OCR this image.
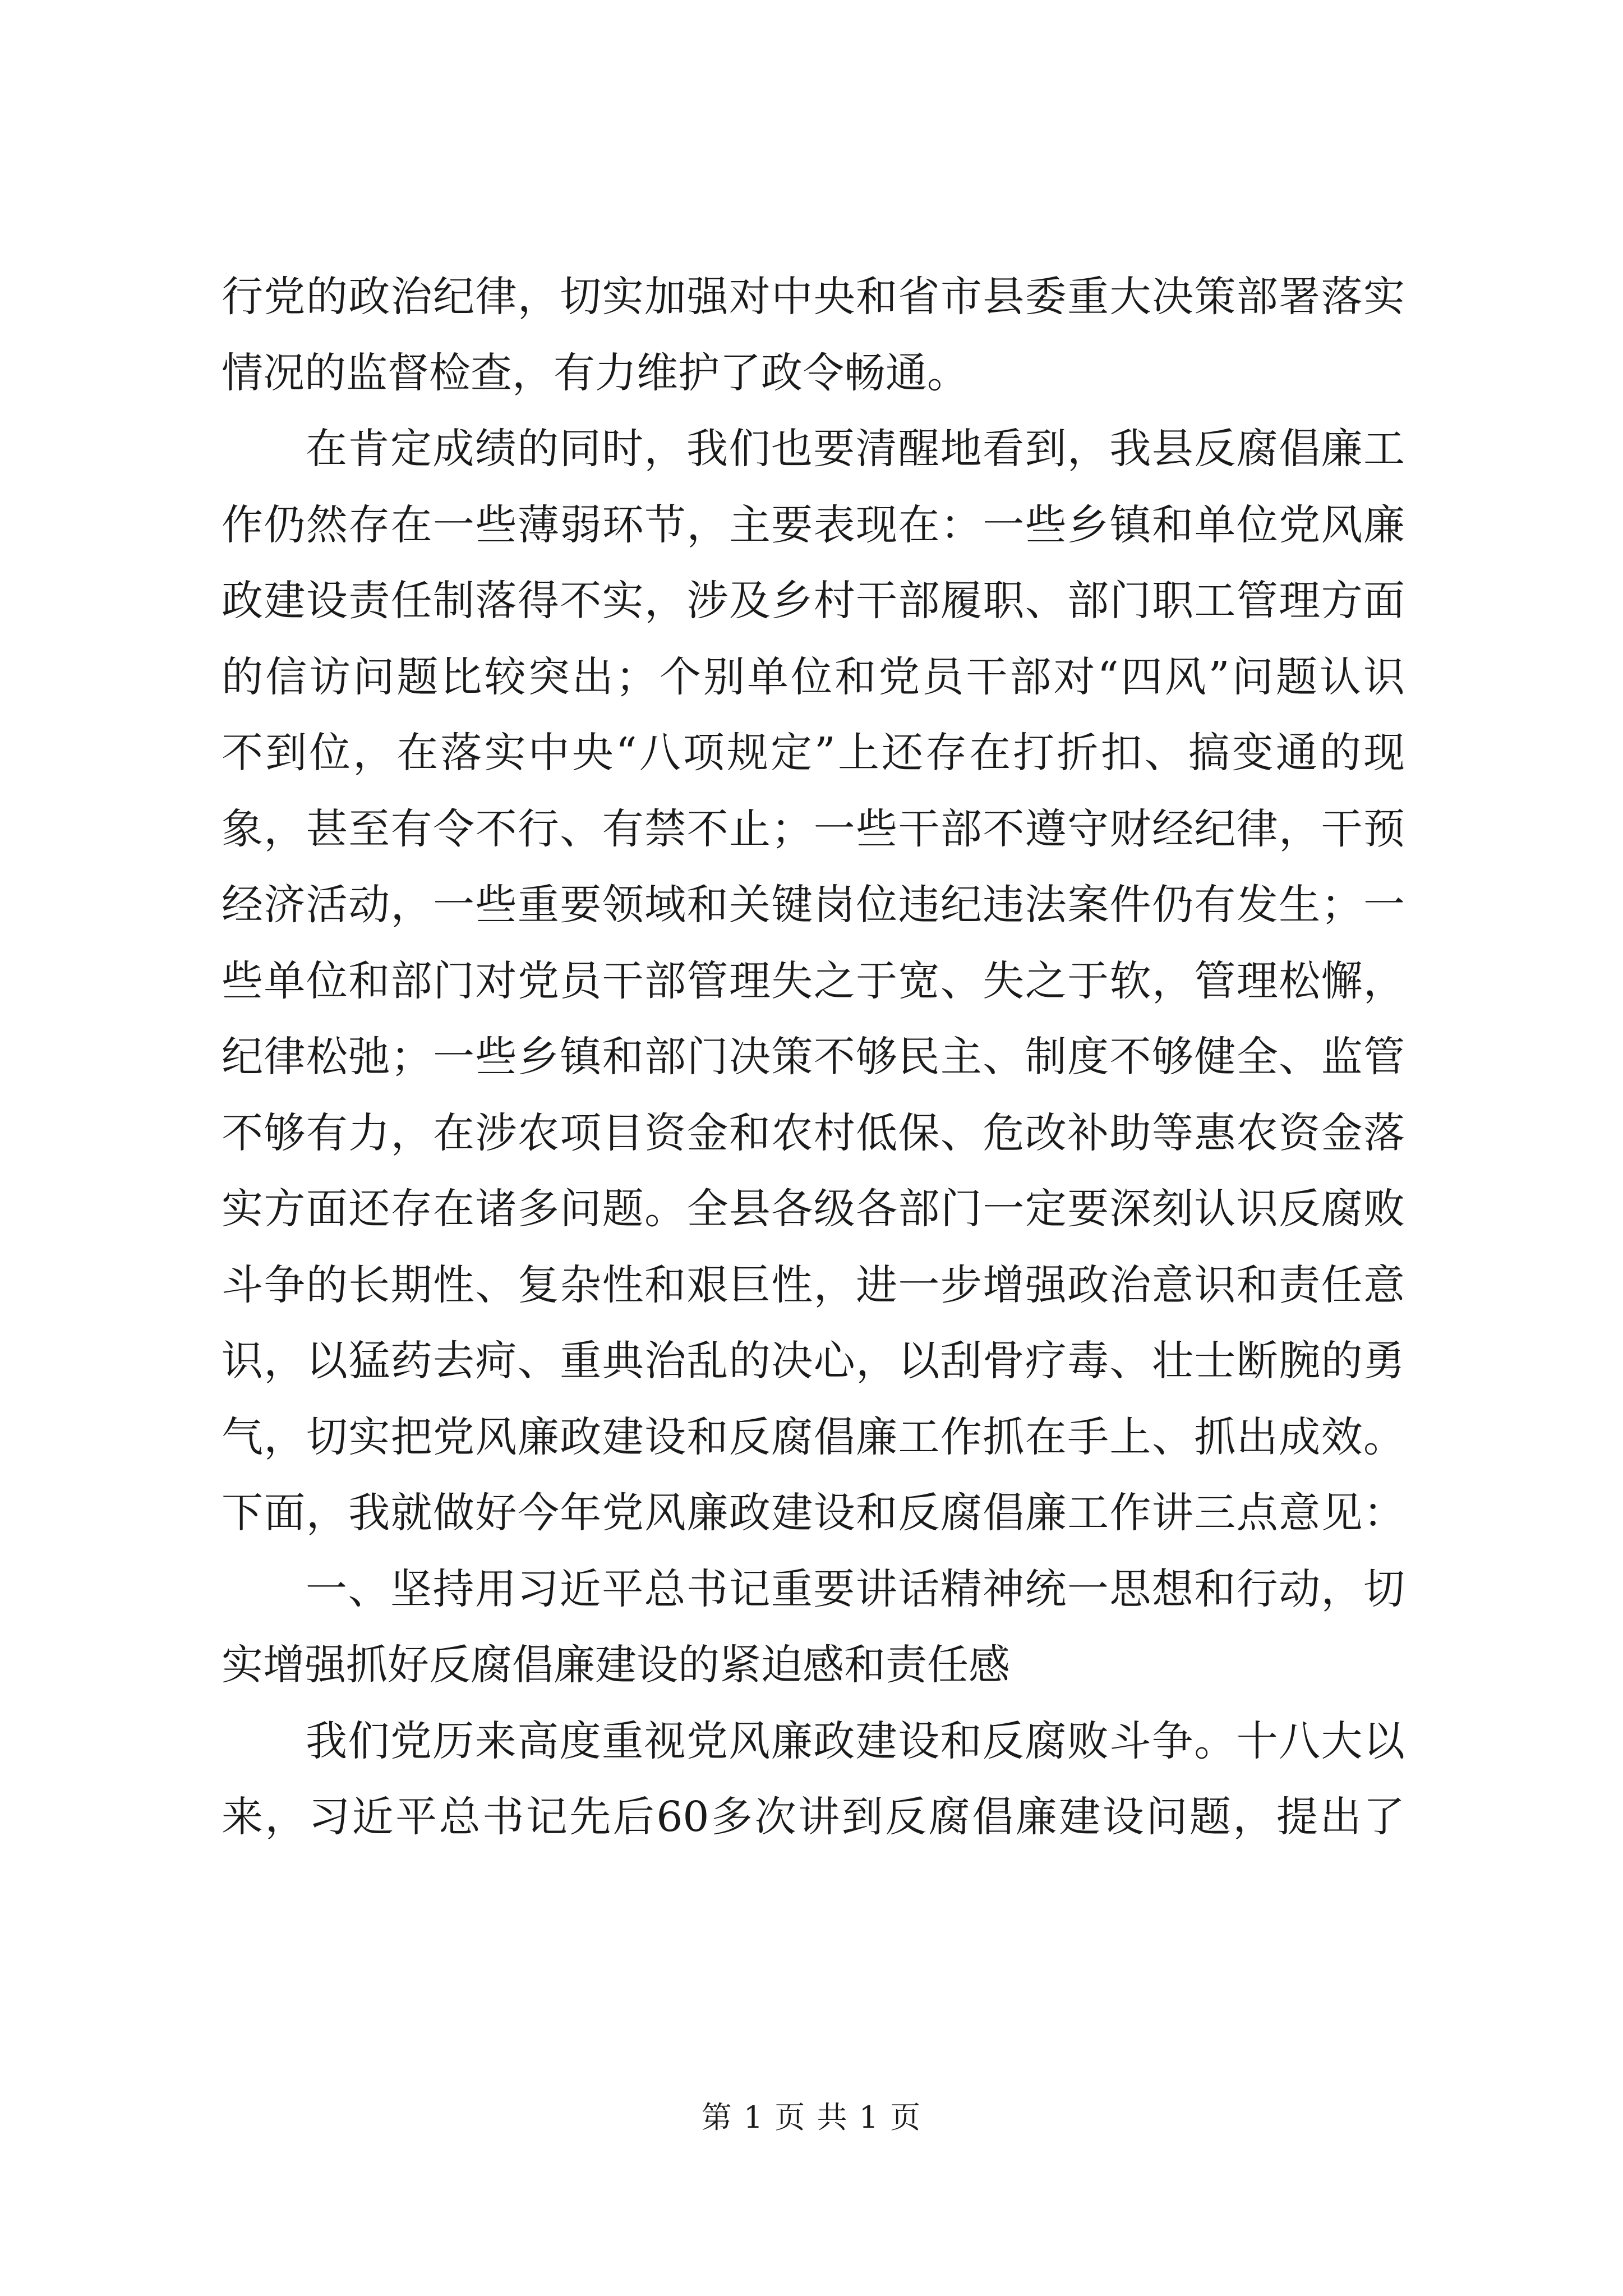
行党的政治纪律，切实加强对中央和省市县委重大决策部署落实
情况的监督检查，有力维护了政令畅通。
在肯定成绩的同时，我们也要清醒地看到，我县反腐倡廉工
作仍然存在一些薄弱环节，主要表现在：一些乡镇和单位党风廉
政建设责任制落得不实，涉及乡村干部履职、部门职工管理方面
的信访问题比较突出；个别单位和党员干部对“四风”问题认识
不到位，在落实中央“八项规定”上还存在打折扣、搞变通的现
象，甚至有令不行、有禁不止；一些干部不遵守财经纪律，干预
经济活动，一些重要领域和关键岗位违纪违法案件仍有发生；一
些单位和部门对党员干部管理失之于宽、失之于软，管理松懈，
纪律松弛；一些乡镇和部门决策不够民主、制度不够健全、监管
不够有力，在涉农项目资金和农村低保、危改补助等惠农资金落
实方面还存在诸多问题。全县各级各部门一定要深刻认识反腐败
斗争的长期性、复杂性和艰巨性，进一步增强政治意识和责任意
识，以猛药去疴、重典治乱的决心，以刮骨疗毒、壮士断腕的勇
气，切实把党风廉政建设和反腐倡廉工作抓在手上、抓出成效。
下面，我就做好今年党风廉政建设和反腐倡廉工作讲三点意见：
一、坚持用习近平总书记重要讲话精神统一思想和行动，切
实增强抓好反腐倡廉建设的紧迫感和责任感
我们党历来高度重视党风廉政建设和反腐败斗争。十八大以
来，习近平总书记先后60多次讲到反腐倡廉建设问题，提出了
第 1 页 共 1 页
